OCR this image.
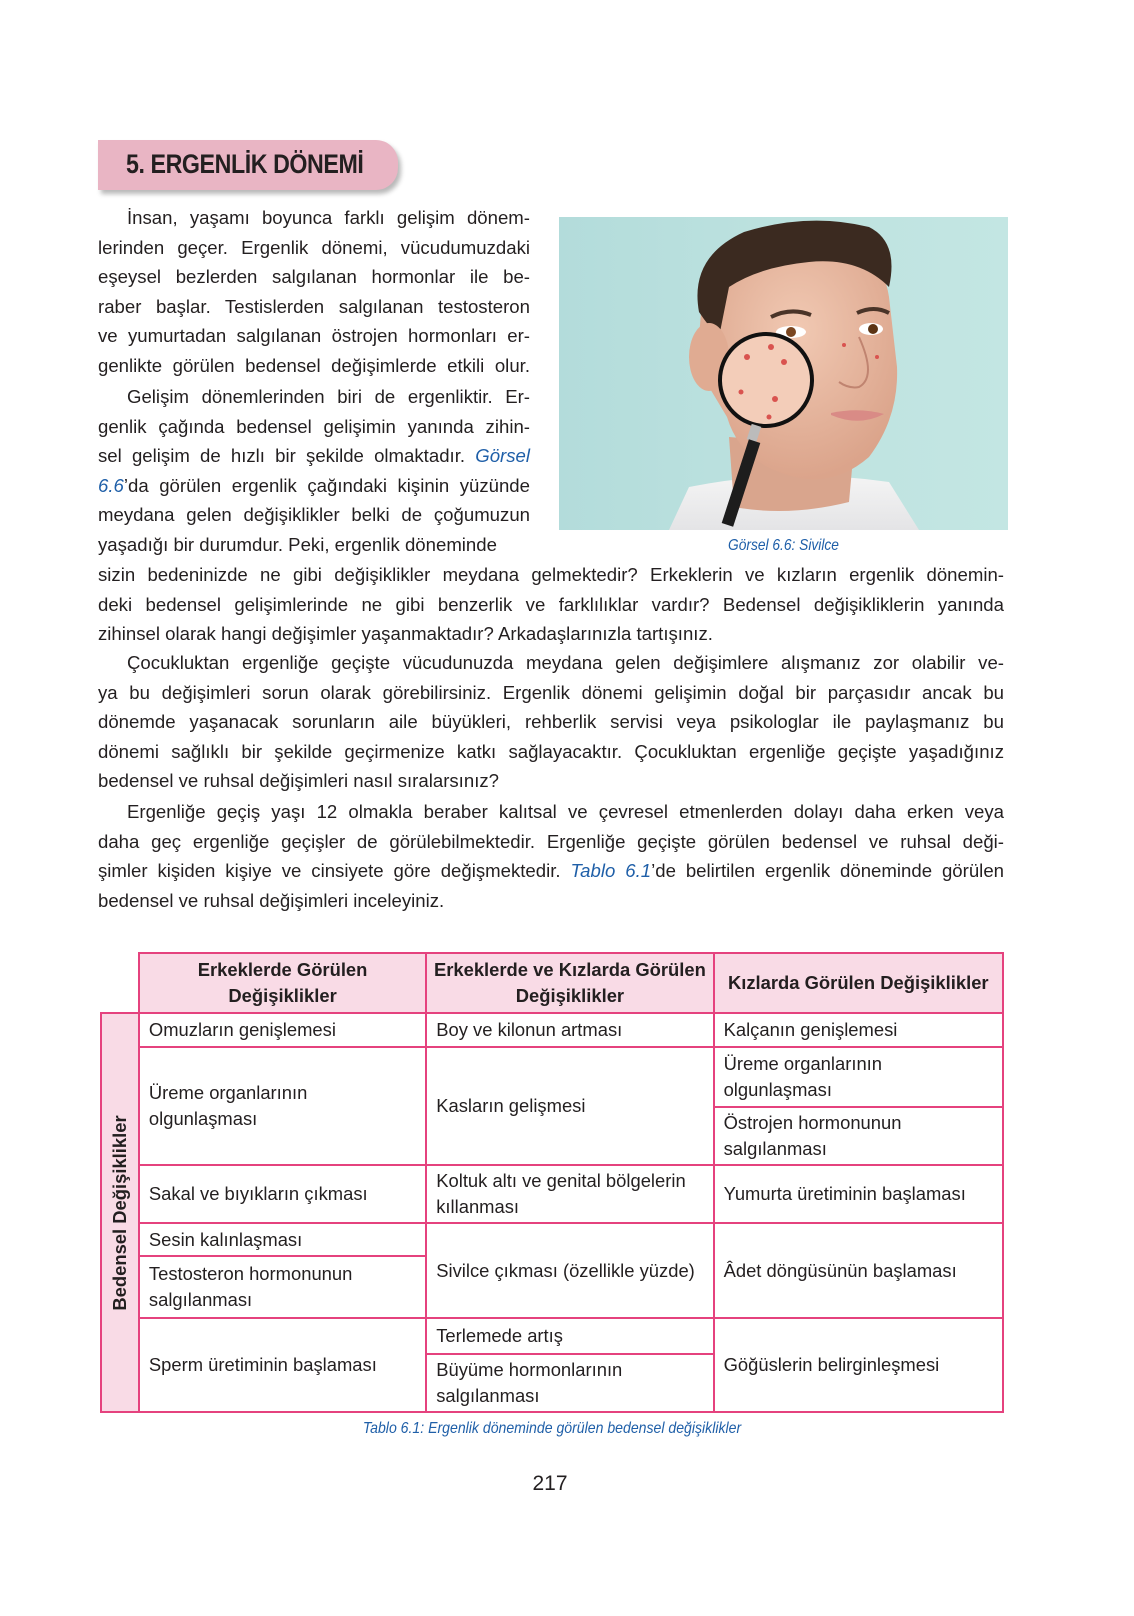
5. ERGENLİK DÖNEMİ
İnsan, yaşamı boyunca farklı gelişim dönem-
lerinden geçer. Ergenlik dönemi, vücudumuzdaki
eşeysel bezlerden salgılanan hormonlar ile be-
raber başlar. Testislerden salgılanan testosteron
ve yumurtadan salgılanan östrojen hormonları er-
genlikte görülen bedensel değişimlerde etkili olur.
Gelişim dönemlerinden biri de ergenliktir. Er-
genlik çağında bedensel gelişimin yanında zihin-
sel gelişim de hızlı bir şekilde olmaktadır. Görsel
6.6’da görülen ergenlik çağındaki kişinin yüzünde
meydana gelen değişiklikler belki de çoğumuzun
yaşadığı bir durumdur. Peki, ergenlik döneminde
sizin bedeninizde ne gibi değişiklikler meydana gelmektedir? Erkeklerin ve kızların ergenlik dönemin-
deki bedensel gelişimlerinde ne gibi benzerlik ve farklılıklar vardır? Bedensel değişikliklerin yanında
zihinsel olarak hangi değişimler yaşanmaktadır? Arkadaşlarınızla tartışınız.
Görsel 6.6: Sivilce
Çocukluktan ergenliğe geçişte vücudunuzda meydana gelen değişimlere alışmanız zor olabilir ve-
ya bu değişimleri sorun olarak görebilirsiniz. Ergenlik dönemi gelişimin doğal bir parçasıdır ancak bu
dönemde yaşanacak sorunların aile büyükleri, rehberlik servisi veya psikologlar ile paylaşmanız bu
dönemi sağlıklı bir şekilde geçirmenize katkı sağlayacaktır. Çocukluktan ergenliğe geçişte yaşadığınız
bedensel ve ruhsal değişimleri nasıl sıralarsınız?
Ergenliğe geçiş yaşı 12 olmakla beraber kalıtsal ve çevresel etmenlerden dolayı daha erken veya
daha geç ergenliğe geçişler de görülebilmektedir. Ergenliğe geçişte görülen bedensel ve ruhsal deği-
şimler kişiden kişiye ve cinsiyete göre değişmektedir. Tablo 6.1’de belirtilen ergenlik döneminde görülen
bedensel ve ruhsal değişimleri inceleyiniz.
	Erkeklerde Görülen Değişiklikler	Erkeklerde ve Kızlarda Görülen Değişiklikler	Kızlarda Görülen Değişiklikler

Bedensel Değişiklikler	Omuzların genişlemesi	Boy ve kilonun artması	Kalçanın genişlemesi
	Üreme organlarının olgunlaşması	Kasların gelişmesi	Üreme organlarının olgunlaşması
			Östrojen hormonunun salgılanması
	Sakal ve bıyıkların çıkması	Koltuk altı ve genital bölgelerin kıllanması	Yumurta üretiminin başlaması
	Sesin kalınlaşması	Sivilce çıkması (özellikle yüzde)	Âdet döngüsünün başlaması
	Testosteron hormonunun salgılanması		
	Sperm üretiminin başlaması	Terlemede artış	Göğüslerin belirginleşmesi
		Büyüme hormonlarının salgılanması	
Tablo 6.1: Ergenlik döneminde görülen bedensel değişiklikler
217
